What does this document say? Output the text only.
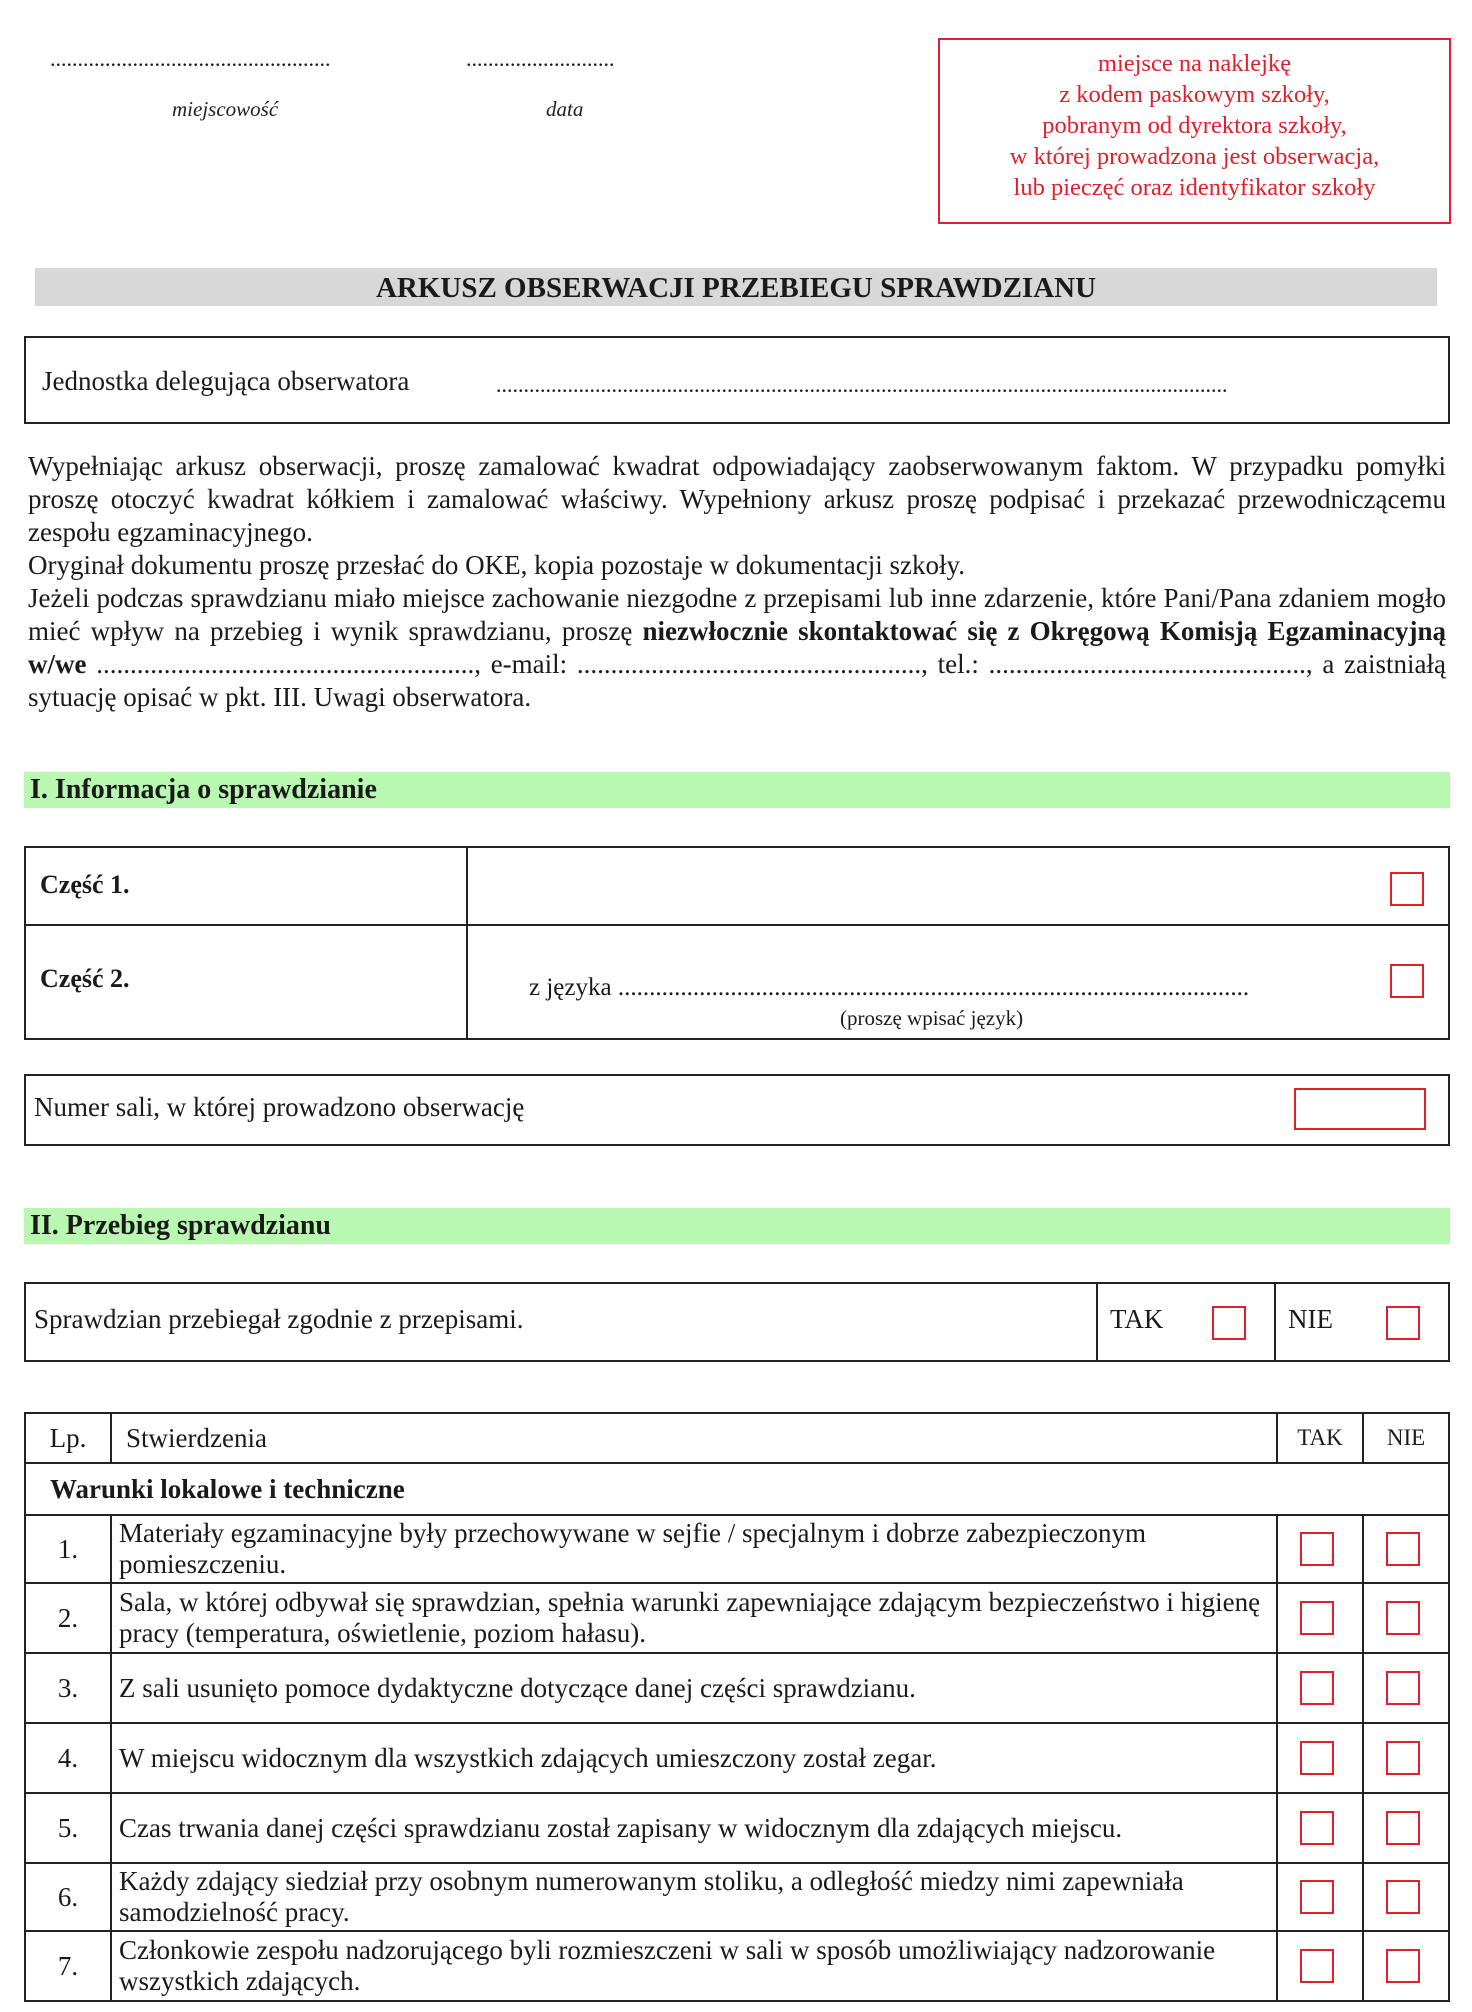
...................................................
miejscowość
...........................
data
miejsce na naklejkę
z kodem paskowym szkoły,
pobranym od dyrektora szkoły,
w której prowadzona jest obserwacja,
lub pieczęć oraz identyfikator szkoły
ARKUSZ OBSERWACJI PRZEBIEGU SPRAWDZIANU
Jednostka delegująca obserwatora	.....................................................................................................................................

Wypełniając arkusz obserwacji, proszę zamalować kwadrat odpowiadający zaobserwowanym faktom. W przypadku pomyłki proszę otoczyć kwadrat kółkiem i zamalować właściwy. Wypełniony arkusz proszę podpisać i przekazać przewodniczącemu zespołu egzaminacyjnego.

Oryginał dokumentu proszę przesłać do OKE, kopia pozostaje w dokumentacji szkoły.

Jeżeli podczas sprawdzianu miało miejsce zachowanie niezgodne z przepisami lub inne zdarzenie, które Pani/Pana zdaniem mogło mieć wpływ na przebieg i wynik sprawdzianu, proszę niezwłocznie skontaktować się z Okręgową Komisją Egzaminacyjną w/we ........................................................, e-mail: ..................................................., tel.: ..............................................., a zaistniałą sytuację opisać w pkt. III. Uwagi obserwatora.

I. Informacja o sprawdzianie
Część 1.
Część 2.	z języka .....................................................................................................
(proszę wpisać język)
Numer sali, w której prowadzono obserwację
II. Przebieg sprawdzianu
Sprawdzian przebiegał zgodnie z przepisami.	TAK	NIE
Lp.	Stwierdzenia	TAK	NIE
Warunki lokalowe i techniczne			
1.	Materiały egzaminacyjne były przechowywane w sejfie / specjalnym i dobrze zabezpieczonym pomieszczeniu.	

2.	Sala, w której odbywał się sprawdzian, spełnia warunki zapewniające zdającym bezpieczeństwo i higienę pracy (temperatura, oświetlenie, poziom hałasu).	

3.	Z sali usunięto pomoce dydaktyczne dotyczące danej części sprawdzianu.	

4.	W miejscu widocznym dla wszystkich zdających umieszczony został zegar.	

5.	Czas trwania danej części sprawdzianu został zapisany w widocznym dla zdających miejscu.	

6.	Każdy zdający siedział przy osobnym numerowanym stoliku, a odległość miedzy nimi zapewniała samodzielność pracy.	

7.	Członkowie zespołu nadzorującego byli rozmieszczeni w sali w sposób umożliwiający nadzorowanie wszystkich zdających.	
